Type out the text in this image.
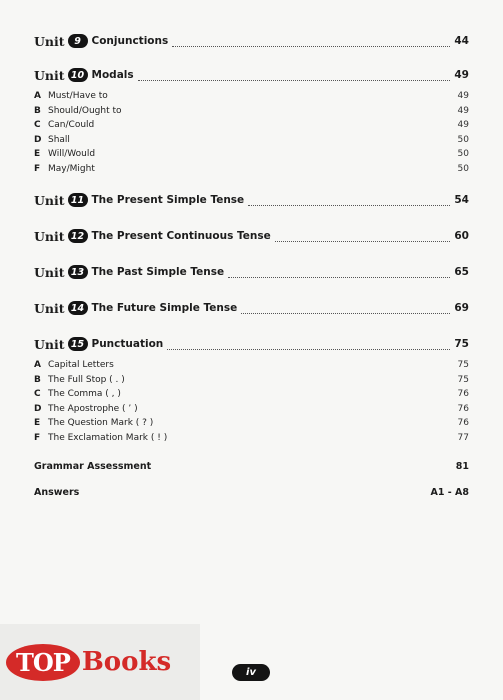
Unit	9	Conjunctions	44
Unit 10 Modals	49
A Must/Have to	49
B Should/Ought to	49
C Can/Could	49
D Shall	50
E Will/Would	50
F May/Might	50
Unit 11 The Present Simple Tense	54
Unit 12 The Present Continuous Tense	60
Unit 13 The Past Simple Tense	65
Unit 14 The Future Simple Tense	69
Unit 15 Punctuation	75
A Capital Letters	75
B The Full Stop ( . )	75
C The Comma ( , )	76
D The Apostrophe ( ’ )	76
E The Question Mark ( ? )	76
F The Exclamation Mark ( ! )	77
Grammar Assessment	81
Answers	A1 - A8
TOP Books	iv
